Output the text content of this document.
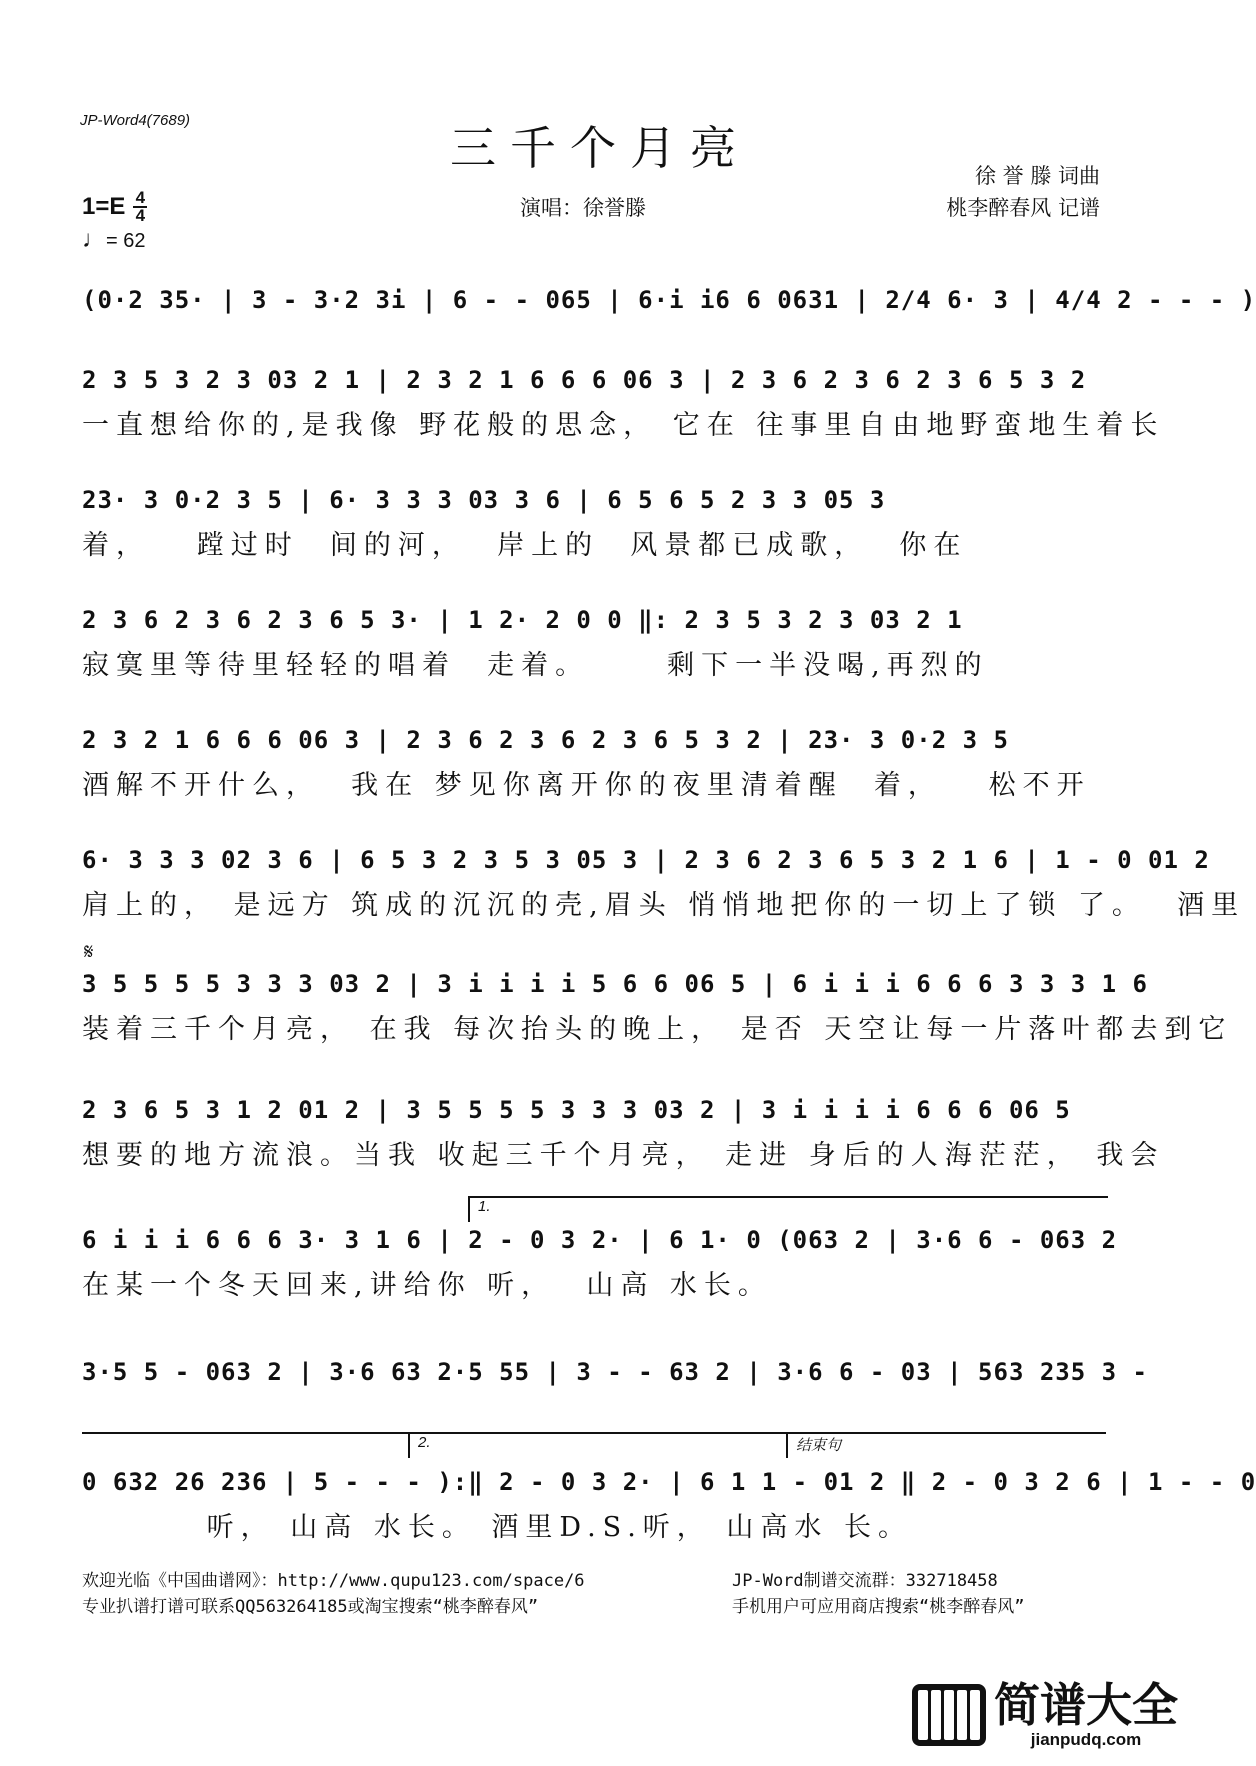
JP-Word4(7689)
三千个月亮
徐 誉 滕 词曲
桃李醉春风 记谱
演唱：徐誉滕
1=E 4
4
♩= 62
(0·2 35· | 3 - 3·2 3i | 6 - - 065 | 6·i i6 6 0631 | 2/4 6· 3 | 4/4 2 - - - )
2 3 5 3 2 3 03 2 1 | 2 3 2 1 6 6 6 06 3 | 2 3 6 2 3 6 2 3 6 5 3 2
一直想给你的,是我像 野花般的思念， 它在 往事里自由地野蛮地生着长
23· 3 0·2 3 5 | 6· 3 3 3 03 3 6 | 6 5 6 5 2 3 3 05 3
着，   蹚过时  间的河，  岸上的  风景都已成歌，  你在
2 3 6 2 3 6 2 3 6 5 3· | 1 2· 2 0 0 ‖: 2 3 5 3 2 3 03 2 1
寂寞里等待里轻轻的唱着  走着。     剩下一半没喝,再烈的
2 3 2 1 6 6 6 06 3 | 2 3 6 2 3 6 2 3 6 5 3 2 | 23· 3 0·2 3 5
酒解不开什么，  我在 梦见你离开你的夜里清着醒  着，   松不开
6· 3 3 3 02 3 6 | 6 5 3 2 3 5 3 05 3 | 2 3 6 2 3 6 5 3 2 1 6 | 1 - 0 01 2
肩上的， 是远方 筑成的沉沉的壳,眉头 悄悄地把你的一切上了锁 了。  酒里
𝄋
3 5 5 5 5 3 3 3 03 2 | 3 i i i i 5 6 6 06 5 | 6 i i i 6 6 6 3 3 3 1 6
装着三千个月亮， 在我 每次抬头的晚上， 是否 天空让每一片落叶都去到它
2 3 6 5 3 1 2 01 2 | 3 5 5 5 5 3 3 3 03 2 | 3 i i i i 6 6 6 06 5
想要的地方流浪。当我 收起三千个月亮， 走进 身后的人海茫茫， 我会
1.
6 i i i 6 6 6 3· 3 1 6 | 2 - 0 3 2· | 6 1· 0 (063 2 | 3·6 6 - 063 2
在某一个冬天回来,讲给你 听，  山高 水长。
3·5 5 - 063 2 | 3·6 63 2·5 55 | 3 - - 63 2 | 3·6 6 - 03 | 563 235 3 -
2.	结束句
0 632 26 236 | 5 - - - ):‖ 2 - 0 3 2· | 6 1 1 - 01 2 ‖ 2 - 0 3 2 6 | 1 - - 0
听， 山高 水长。 酒里D.S.听， 山高水 长。
欢迎光临《中国曲谱网》：http://www.qupu123.com/space/6
专业扒谱打谱可联系QQ563264185或淘宝搜索“桃李醉春风”
JP-Word制谱交流群：332718458
手机用户可应用商店搜索“桃李醉春风”
简谱大全
jianpudq.com
